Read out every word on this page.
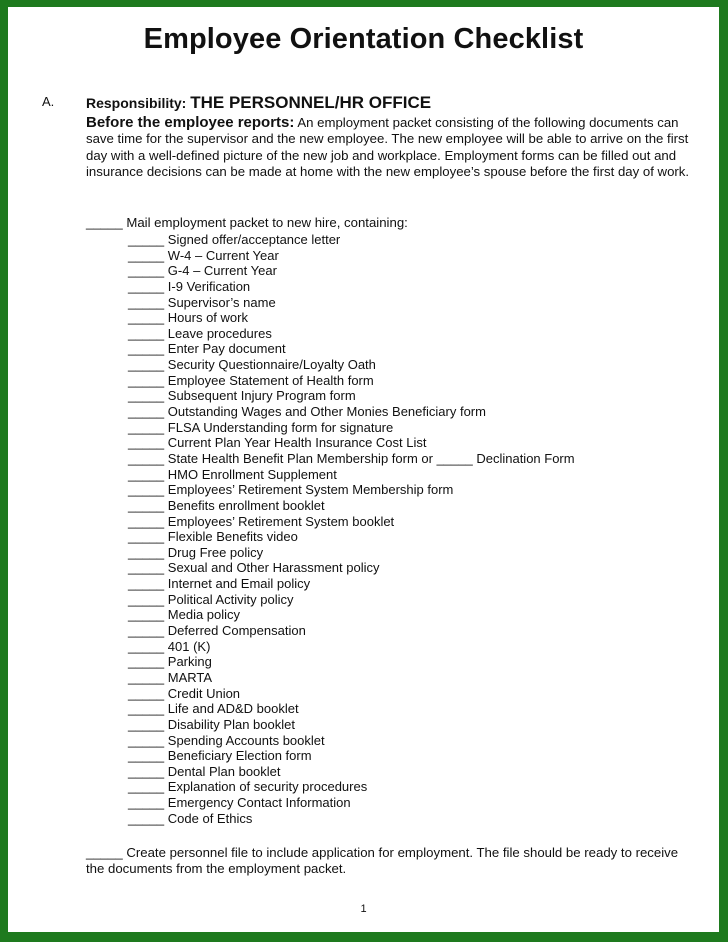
Employee Orientation Checklist
A. Responsibility: THE PERSONNEL/HR OFFICE
Before the employee reports: An employment packet consisting of the following documents can save time for the supervisor and the new employee. The new employee will be able to arrive on the first day with a well-defined picture of the new job and workplace. Employment forms can be filled out and insurance decisions can be made at home with the new employee’s spouse before the first day of work.
_____ Mail employment packet to new hire, containing:
_____ Signed offer/acceptance letter
_____ W-4 – Current Year
_____ G-4 – Current Year
_____ I-9 Verification
_____ Supervisor’s name
_____ Hours of work
_____ Leave procedures
_____ Enter Pay document
_____ Security Questionnaire/Loyalty Oath
_____ Employee Statement of Health form
_____ Subsequent Injury Program form
_____ Outstanding Wages and Other Monies Beneficiary form
_____ FLSA Understanding form for signature
_____ Current Plan Year Health Insurance Cost List
_____ State Health Benefit Plan Membership form or _____ Declination Form
_____ HMO Enrollment Supplement
_____ Employees’ Retirement System Membership form
_____ Benefits enrollment booklet
_____ Employees’ Retirement System booklet
_____ Flexible Benefits video
_____ Drug Free policy
_____ Sexual and Other Harassment policy
_____ Internet and Email policy
_____ Political Activity policy
_____ Media policy
_____ Deferred Compensation
_____ 401 (K)
_____ Parking
_____ MARTA
_____ Credit Union
_____ Life and AD&D booklet
_____ Disability Plan booklet
_____ Spending Accounts booklet
_____ Beneficiary Election form
_____ Dental Plan booklet
_____ Explanation of security procedures
_____ Emergency Contact Information
_____ Code of Ethics
_____ Create personnel file to include application for employment. The file should be ready to receive the documents from the employment packet.
1
